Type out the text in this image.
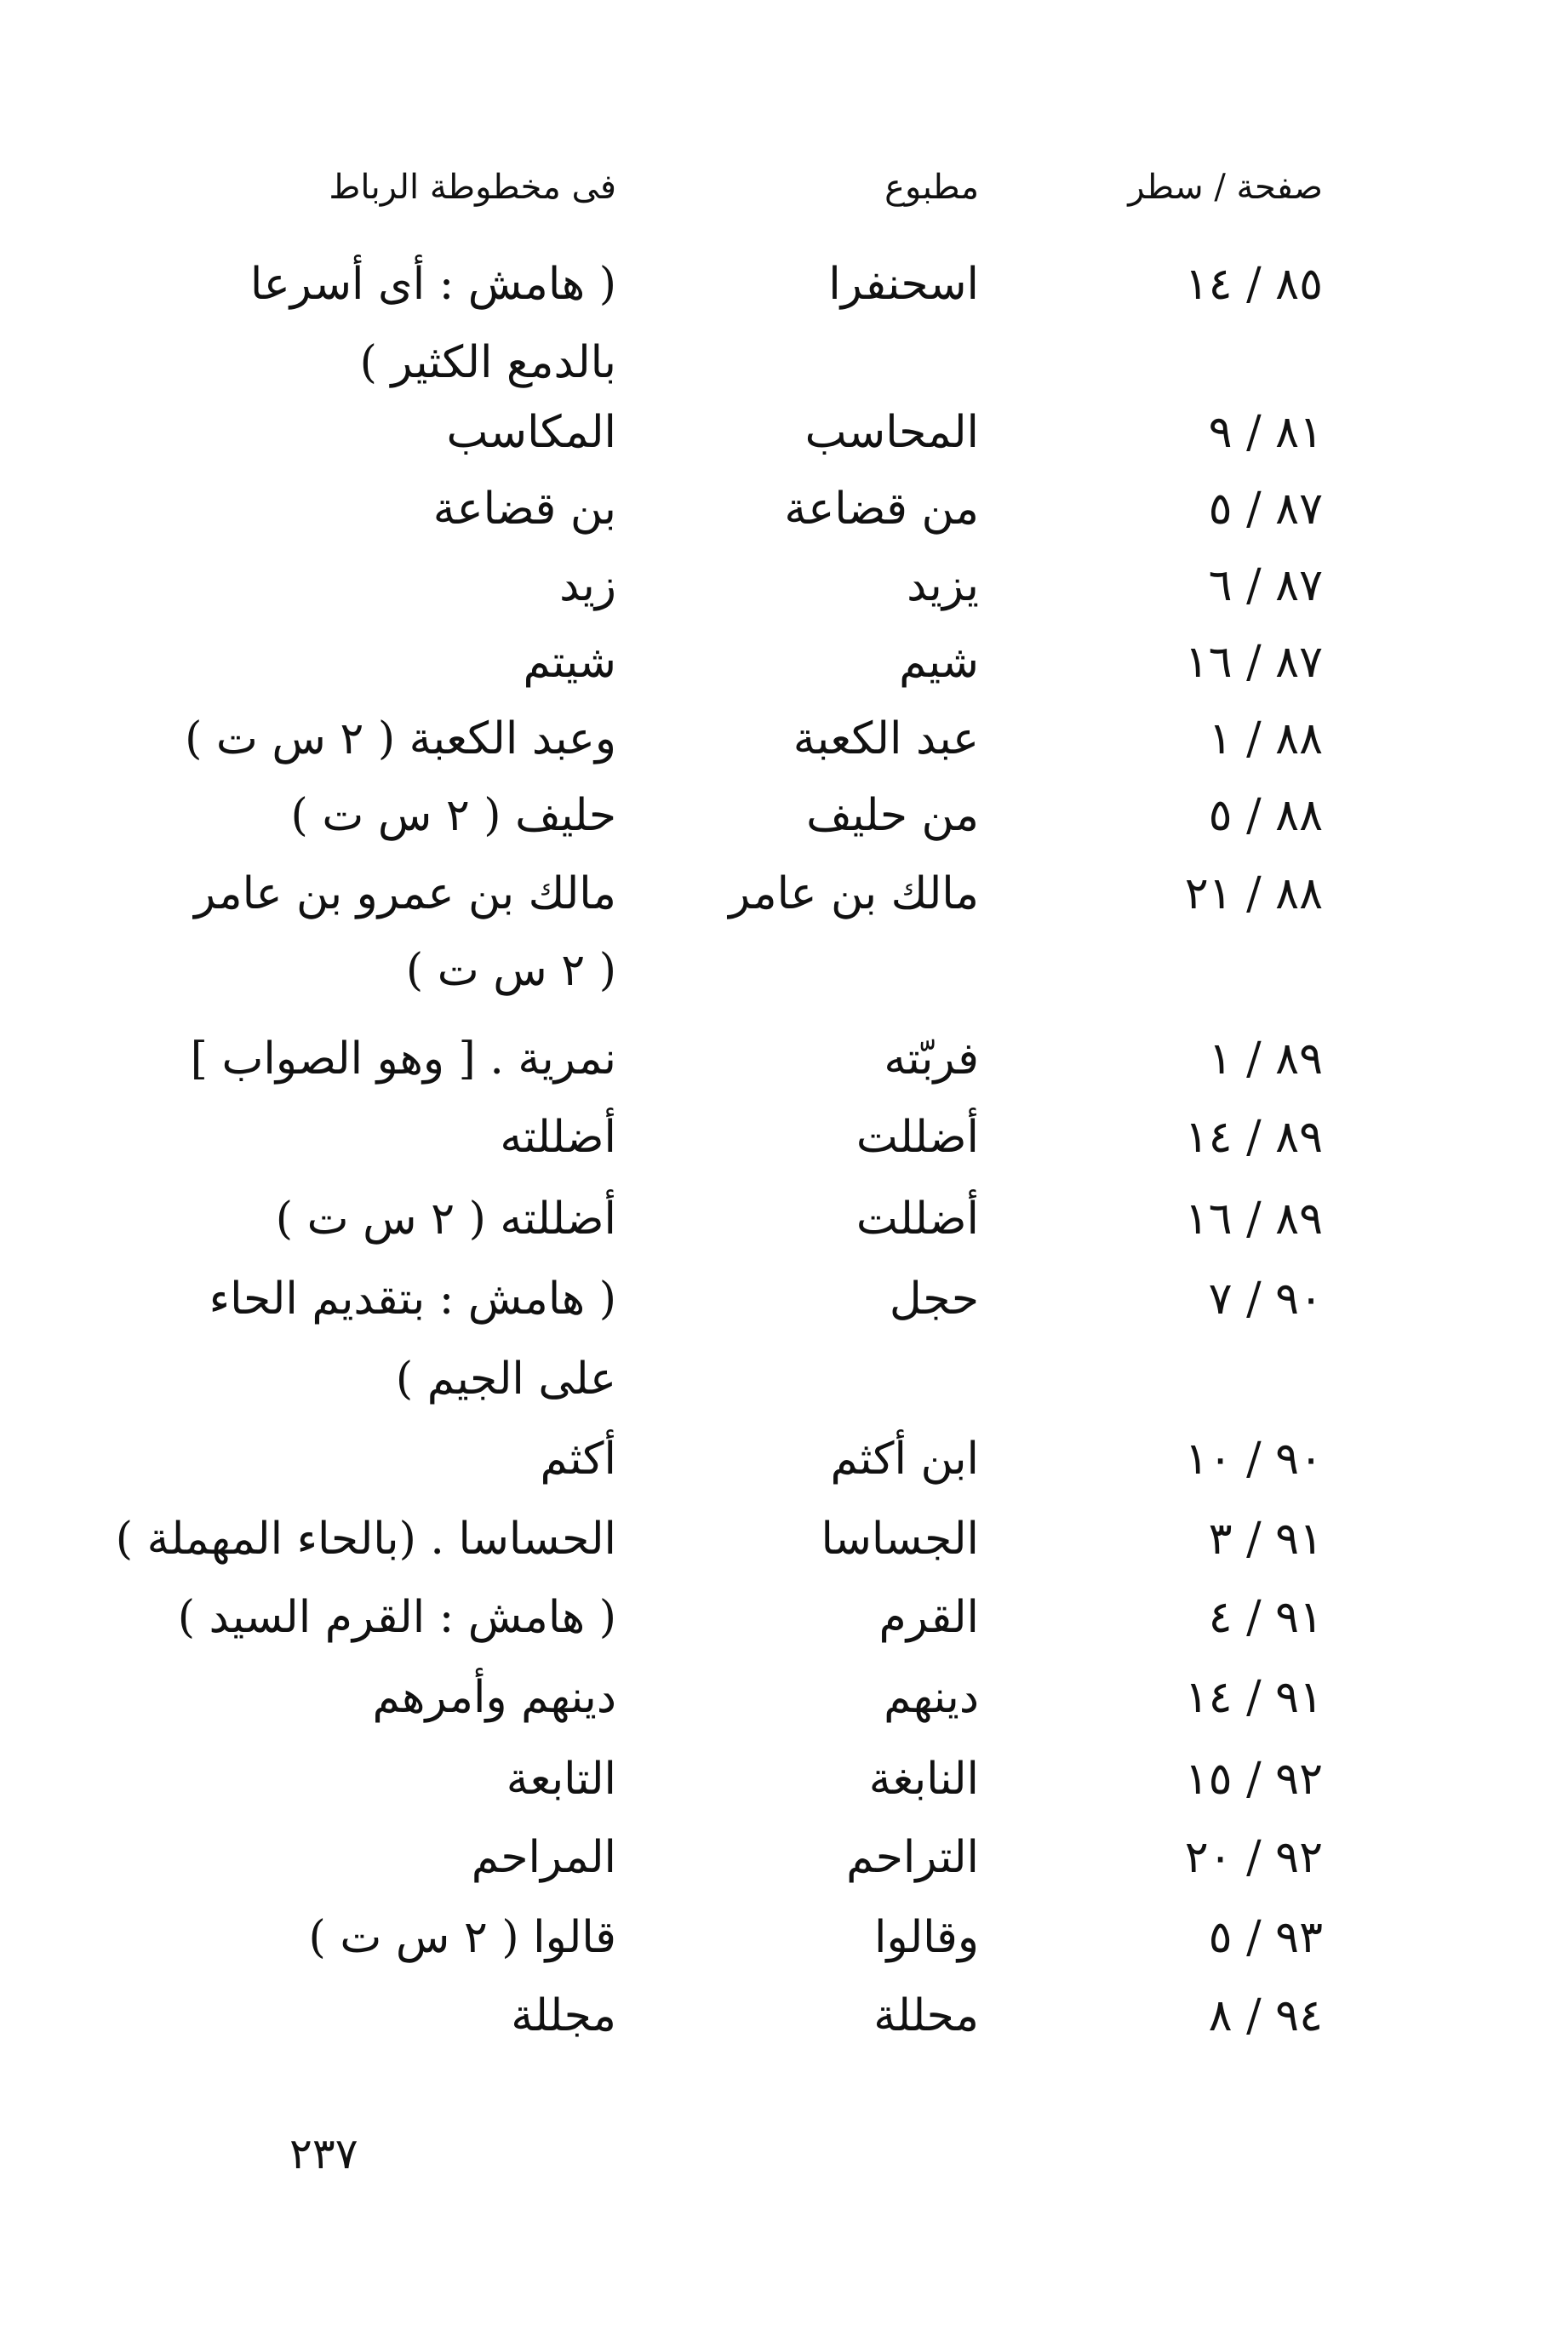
صفحة / سطر
مطبوع
فى مخطوطة الرباط
٨٥ / ١٤
اسحنفرا
( هامش : أى أسرعا
بالدمع الكثير )
٨١ / ٩
المحاسب
المكاسب
٨٧ / ٥
من قضاعة
بن قضاعة
٨٧ / ٦
يزيد
زيد
٨٧ / ١٦
شيم
شيتم
٨٨ / ١
عبد الكعبة
وعبد الكعبة ( ٢ س ت )
٨٨ / ٥
من حليف
حليف ( ٢ س ت )
٨٨ / ٢١
مالك بن عامر
مالك بن عمرو بن عامر
( ٢ س ت )
٨٩ / ١
فربّته
نمرية . [ وهو الصواب ]
٨٩ / ١٤
أضللت
أضللته
٨٩ / ١٦
أضللت
أضللته ( ٢ س ت )
٩٠ / ٧
حجل
( هامش : بتقديم الحاء
على الجيم )
٩٠ / ١٠
ابن أكثم
أكثم
٩١ / ٣
الجساسا
الحساسا . (بالحاء المهملة )
٩١ / ٤
القرم
( هامش : القرم السيد )
٩١ / ١٤
دينهم
دينهم وأمرهم
٩٢ / ١٥
النابغة
التابعة
٩٢ / ٢٠
التراحم
المراحم
٩٣ / ٥
وقالوا
قالوا ( ٢ س ت )
٩٤ / ٨
محللة
مجللة
٢٣٧
